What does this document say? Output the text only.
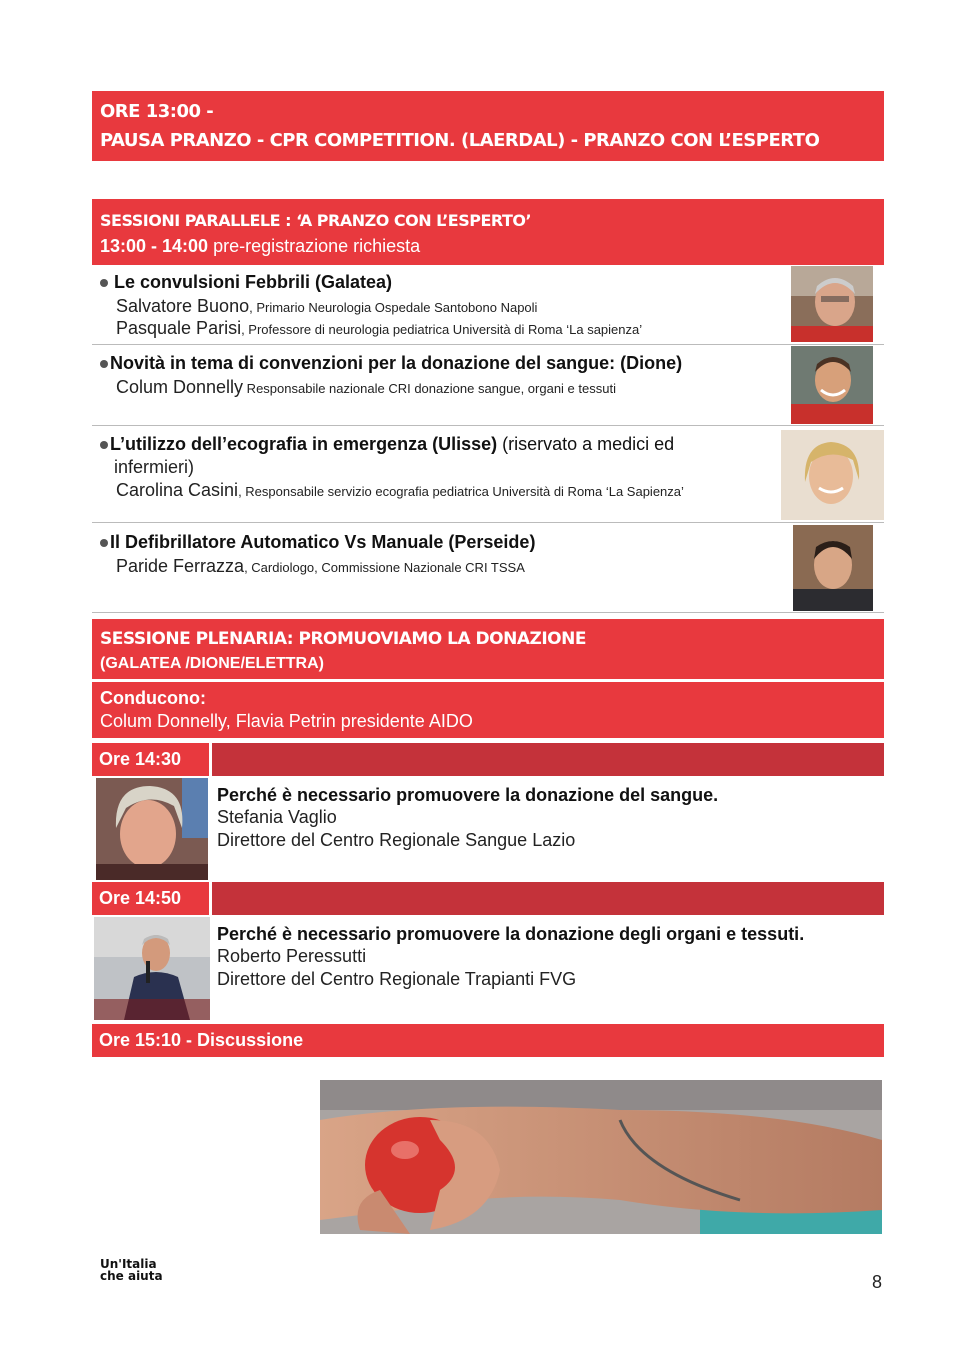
ORE 13:00 -
PAUSA PRANZO - CPR COMPETITION. (LAERDAL) - PRANZO CON L’ESPERTO
SESSIONI PARALLELE : ‘A PRANZO CON L’ESPERTO’
13:00 - 14:00 pre-registrazione richiesta
Le convulsioni Febbrili (Galatea)
Salvatore Buono, Primario Neurologia Ospedale Santobono Napoli
Pasquale Parisi, Professore di neurologia pediatrica Università di Roma ‘La sapienza’
Novità in tema di convenzioni per la donazione del sangue: (Dione)
Colum Donnelly Responsabile nazionale CRI donazione sangue, organi e tessuti
L’utilizzo dell’ecografia in emergenza (Ulisse) (riservato a medici ed
infermieri)
Carolina Casini, Responsabile servizio ecografia pediatrica Università di Roma ‘La Sapienza’
Il Defibrillatore Automatico Vs Manuale (Perseide)
Paride Ferrazza, Cardiologo, Commissione Nazionale CRI TSSA
SESSIONE PLENARIA: PROMUOVIAMO LA DONAZIONE
(GALATEA /DIONE/ELETTRA)
Conducono:
Colum Donnelly, Flavia Petrin presidente AIDO
Ore 14:30
Perché è necessario promuovere la donazione del sangue.
Stefania Vaglio
Direttore del Centro Regionale Sangue Lazio
Ore 14:50
Perché è necessario promuovere la donazione degli organi e tessuti.
Roberto Peressutti
Direttore del Centro Regionale Trapianti FVG
Ore 15:10 - Discussione
Un'Italia
che aiuta	8
